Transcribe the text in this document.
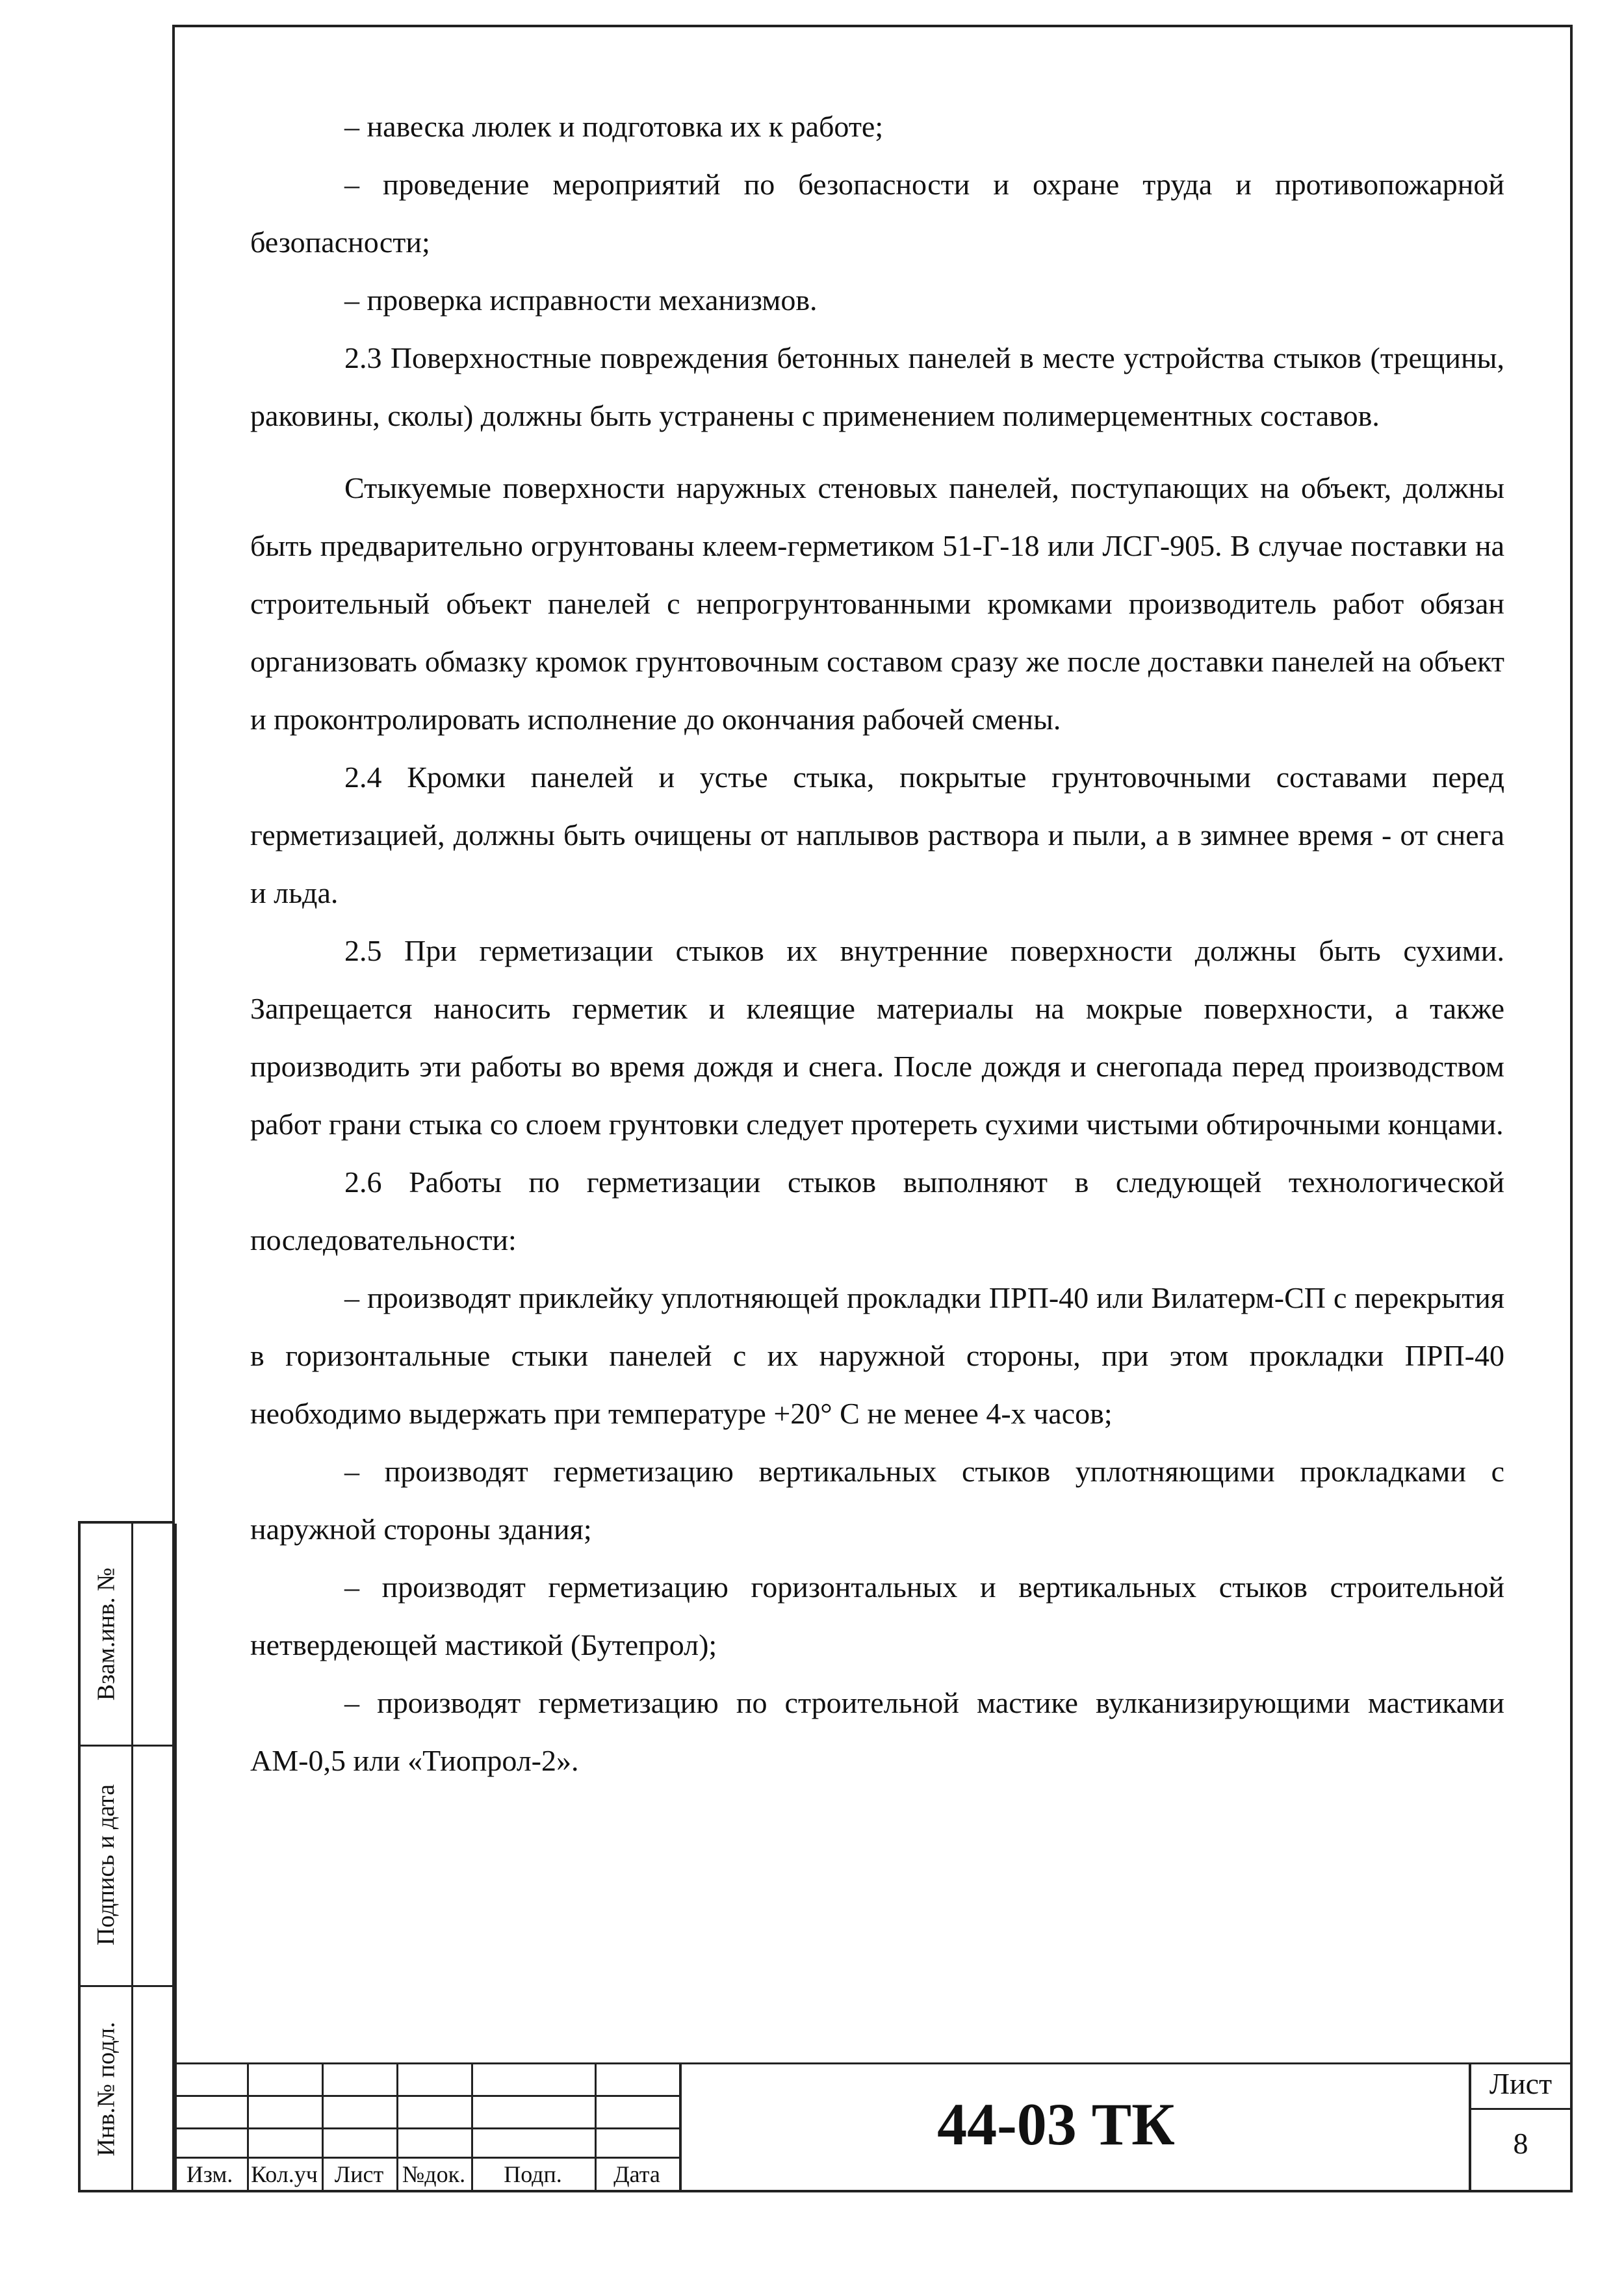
– навеска люлек и подготовка их к работе;

– проведение мероприятий по безопасности и охране труда и противопожарной безопасности;

– проверка исправности механизмов.

2.3 Поверхностные повреждения бетонных панелей в месте устройства стыков (трещины, раковины, сколы) должны быть устранены с применением полимерцементных составов.

Стыкуемые поверхности наружных стеновых панелей, поступающих на объект, должны быть предварительно огрунтованы клеем-герметиком 51-Г-18 или ЛСГ-905. В случае поставки на строительный объект панелей с непрогрунтованными кромками производитель работ обязан организовать обмазку кромок грунтовочным составом сразу же после доставки панелей на объект и проконтролировать исполнение до окончания рабочей смены.

2.4 Кромки панелей и устье стыка, покрытые грунтовочными составами перед герметизацией, должны быть очищены от наплывов раствора и пыли, а в зимнее время - от снега и льда.

2.5 При герметизации стыков их внутренние поверхности должны быть сухими. Запрещается наносить герметик и клеящие материалы на мокрые поверхности, а также производить эти работы во время дождя и снега. После дождя и снегопада перед производством работ грани стыка со слоем грунтовки следует протереть сухими чистыми обтирочными концами.

2.6 Работы по герметизации стыков выполняют в следующей технологической последовательности:

– производят приклейку уплотняющей прокладки ПРП-40 или Вилатерм-СП с перекрытия в горизонтальные стыки панелей с их наружной стороны, при этом прокладки ПРП-40 необходимо выдержать при температуре +20° С не менее 4-х часов;

– производят герметизацию вертикальных стыков уплотняющими прокладками с наружной стороны здания;

– производят герметизацию горизонтальных и вертикальных стыков строительной нетвердеющей мастикой (Бутепрол);

– производят герметизацию по строительной мастике вулканизирующими мастиками АМ-0,5 или «Тиопрол-2».

Взам.инв. №
Подпись и дата
Инв.№ подл.
Изм. Кол.уч Лист №док.	Подп.	Дата
44-03 ТК
Лист
8
